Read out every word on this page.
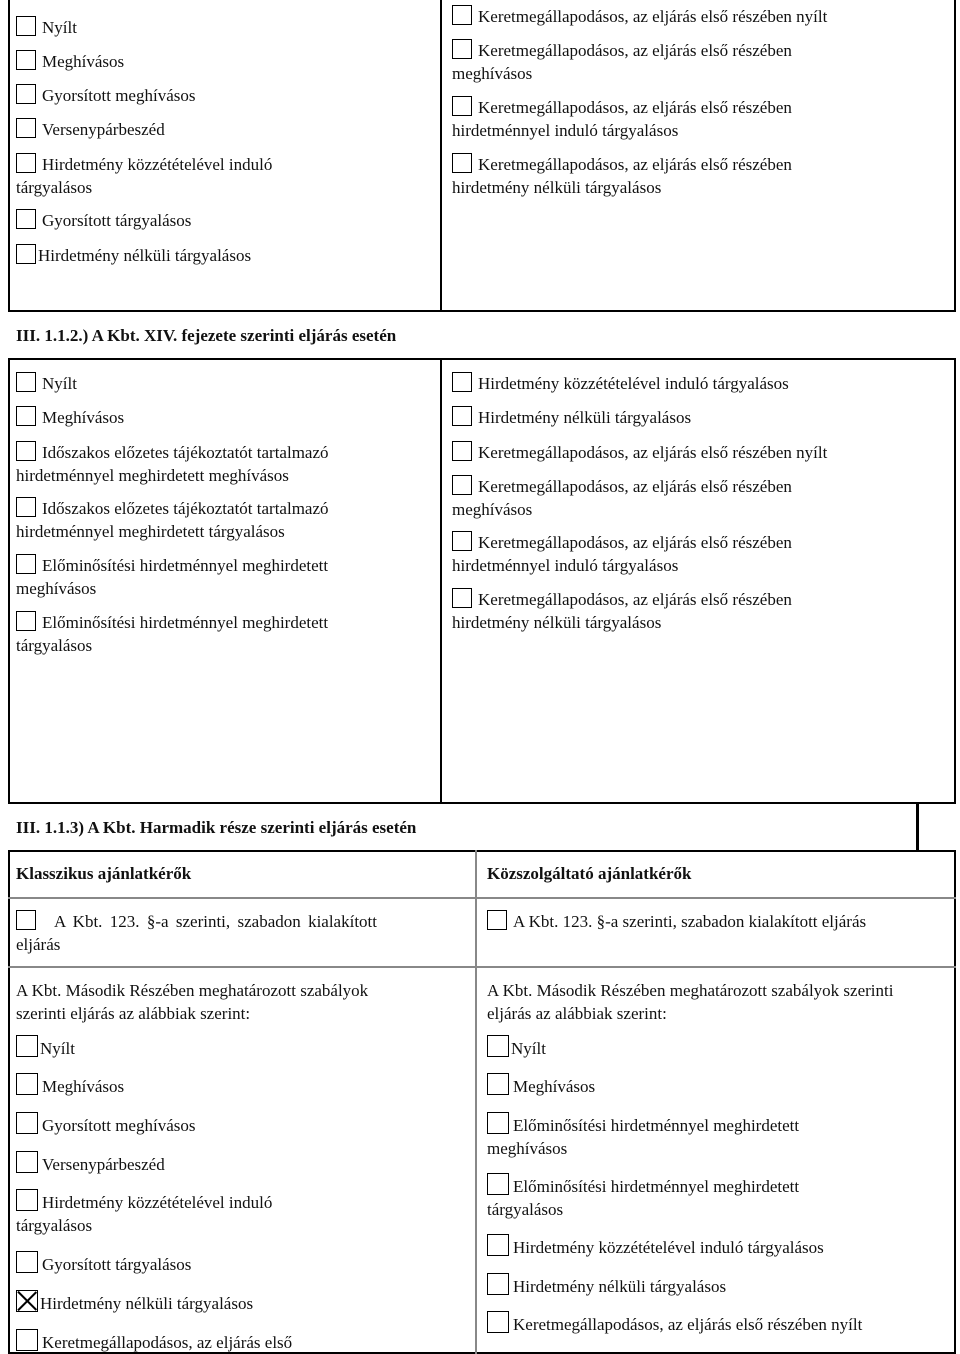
Nyílt
Meghívásos
Gyorsított meghívásos
Versenypárbeszéd
Hirdetmény közzétételével induló tárgyalásos
Gyorsított tárgyalásos
Hirdetmény nélküli tárgyalásos
Keretmegállapodásos, az eljárás első részében nyílt
Keretmegállapodásos, az eljárás első részében meghívásos
Keretmegállapodásos, az eljárás első részében hirdetménnyel induló tárgyalásos
Keretmegállapodásos, az eljárás első részében hirdetmény nélküli tárgyalásos
III. 1.1.2.) A Kbt. XIV. fejezete szerinti eljárás esetén
Nyílt
Meghívásos
Időszakos előzetes tájékoztatót tartalmazó hirdetménnyel meghirdetett meghívásos
Időszakos előzetes tájékoztatót tartalmazó hirdetménnyel meghirdetett tárgyalásos
Előminősítési hirdetménnyel meghirdetett meghívásos
Előminősítési hirdetménnyel meghirdetett tárgyalásos
Hirdetmény közzétételével induló tárgyalásos
Hirdetmény nélküli tárgyalásos
Keretmegállapodásos, az eljárás első részében nyílt
Keretmegállapodásos, az eljárás első részében meghívásos
Keretmegállapodásos, az eljárás első részében hirdetménnyel induló tárgyalásos
Keretmegállapodásos, az eljárás első részében hirdetmény nélküli tárgyalásos
III. 1.1.3) A Kbt. Harmadik része szerinti eljárás esetén
Klasszikus ajánlatkérők	Közszolgáltató ajánlatkérők
A Kbt. 123. §-a szerinti, szabadon kialakított eljárás
A Kbt. 123. §-a szerinti, szabadon kialakított eljárás
A Kbt. Második Részében meghatározott szabályok szerinti eljárás az alábbiak szerint:
A Kbt. Második Részében meghatározott szabályok szerinti eljárás az alábbiak szerint:
Nyílt
Meghívásos
Gyorsított meghívásos
Versenypárbeszéd
Hirdetmény közzétételével induló tárgyalásos
Gyorsított tárgyalásos
Hirdetmény nélküli tárgyalásos
Keretmegállapodásos, az eljárás első
Nyílt
Meghívásos
Előminősítési hirdetménnyel meghirdetett meghívásos
Előminősítési hirdetménnyel meghirdetett tárgyalásos
Hirdetmény közzétételével induló tárgyalásos
Hirdetmény nélküli tárgyalásos
Keretmegállapodásos, az eljárás első részében nyílt
